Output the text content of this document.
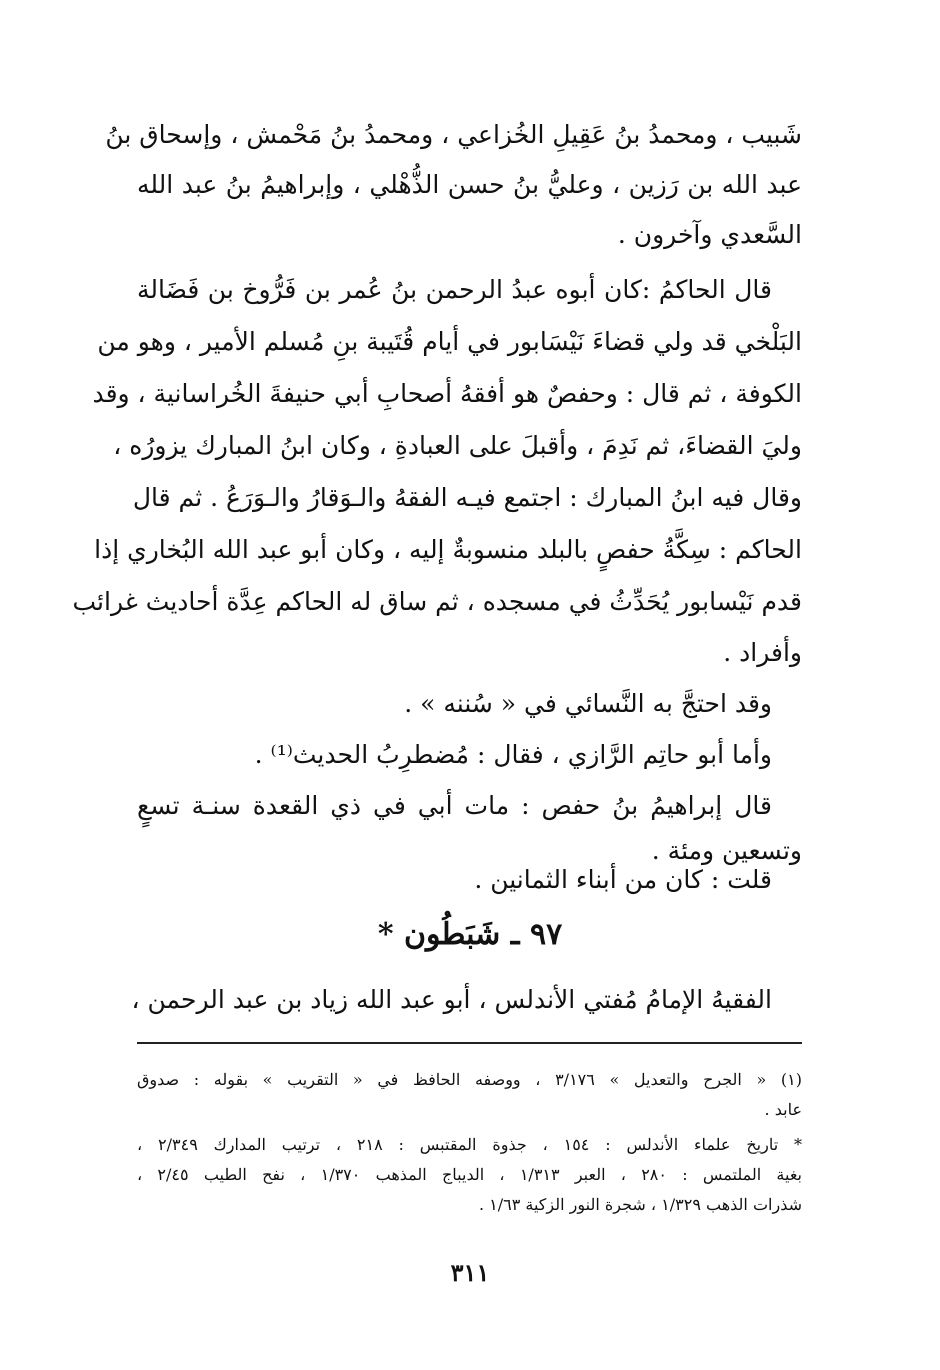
شَبيب ، ومحمدُ بنُ عَقِيلِ الخُزاعي ، ومحمدُ بنُ مَحْمش ، وإسحاق بنُ
عبد الله بن رَزين ، وعليُّ بنُ حسن الذُّهْلي ، وإبراهيمُ بنُ عبد الله
السَّعدي وآخرون .
قال الحاكمُ :كان أبوه عبدُ الرحمن بنُ عُمر بن فَرُّوخ بن فَضَالة
البَلْخي قد ولي قضاءَ نَيْسَابور في أيام قُتَيبة بنِ مُسلم الأمير ، وهو من
الكوفة ، ثم قال : وحفصٌ هو أفقهُ أصحابِ أبي حنيفةَ الخُراسانية ، وقد
وليَ القضاءَ، ثم نَدِمَ ، وأقبلَ على العبادةِ ، وكان ابنُ المبارك يزورُه ،
وقال فيه ابنُ المبارك : اجتمع فيـه الفقهُ والـوَقارُ والـوَرَعُ . ثم قال
الحاكم : سِكَّةُ حفصٍ بالبلد منسوبةٌ إليه ، وكان أبو عبد الله البُخاري إذا
قدم نَيْسابور يُحَدِّثُ في مسجده ، ثم ساق له الحاكم عِدَّة أحاديث غرائب
وأفراد .
وقد احتجَّ به النَّسائي في « سُننه » .
وأما أبو حاتِم الرَّازي ، فقال : مُضطرِبُ الحديث⁽¹⁾ .
قال إبراهيمُ بنُ حفص : مات أبي في ذي القعدة سنـة تسعٍ
وتسعين ومئة .
قلت : كان من أبناء الثمانين .
٩٧ ـ شَبَطُون *
الفقيهُ الإمامُ مُفتي الأندلس ، أبو عبد الله زياد بن عبد الرحمن ،
(١) « الجرح والتعديل » ٣/١٧٦ ، ووصفه الحافظ في « التقريب » بقوله : صدوق
عابد .
* تاريخ علماء الأندلس : ١٥٤ ، جذوة المقتبس : ٢١٨ ، ترتيب المدارك ٢/٣٤٩ ،
بغية الملتمس : ٢٨٠ ، العبر ١/٣١٣ ، الديباج المذهب ١/٣٧٠ ، نفح الطيب ٢/٤٥ ،
شذرات الذهب ١/٣٢٩ ، شجرة النور الزكية ١/٦٣ .
٣١١
